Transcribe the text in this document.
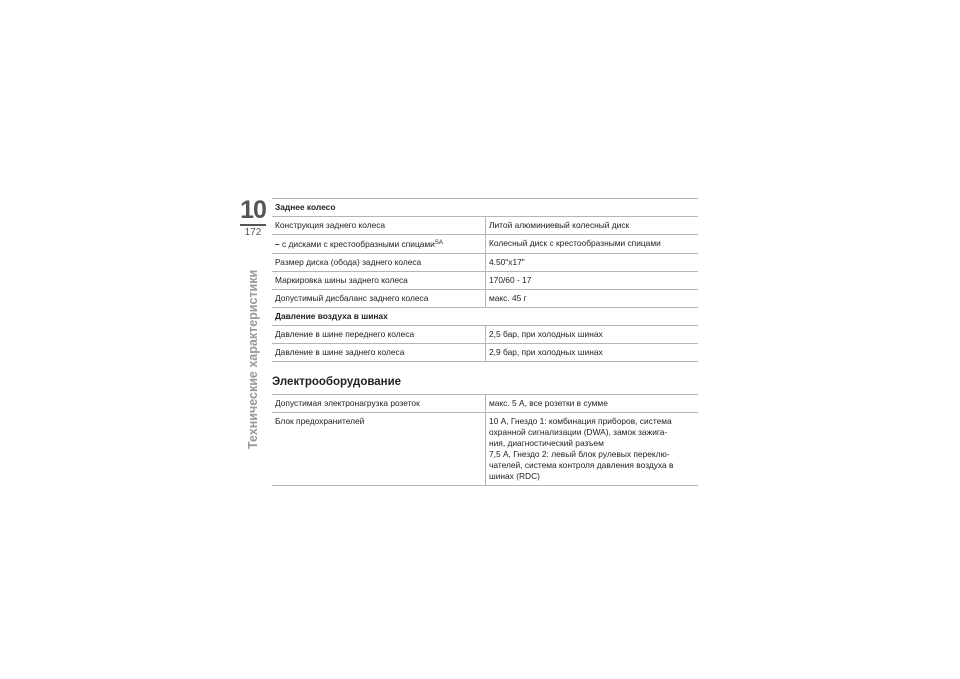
10
172
Технические характеристики
Заднее колесо
Конструкция заднего колеса	Литой алюминиевый колесный диск
– с дисками с крестообразными спицами$^{SA}$	Колесный диск с крестообразными спицами
Размер диска (обода) заднего колеса	4.50"x17"
Маркировка шины заднего колеса	170/60 - 17
Допустимый дисбаланс заднего колеса	макс. 45 г
Давление воздуха в шинах
Давление в шине переднего колеса	2,5 бар, при холодных шинах
Давление в шине заднего колеса	2,9 бар, при холодных шинах
Электрооборудование
Допустимая электронагрузка розеток	макс. 5 А, все розетки в сумме
Блок предохранителей	10 А, Гнездо 1: комбинация приборов, система
охранной сигнализации (DWA), замок зажига-
ния, диагностический разъем
7,5 А, Гнездо 2: левый блок рулевых переклю-
чателей, система контроля давления воздуха в
шинах (RDC)
